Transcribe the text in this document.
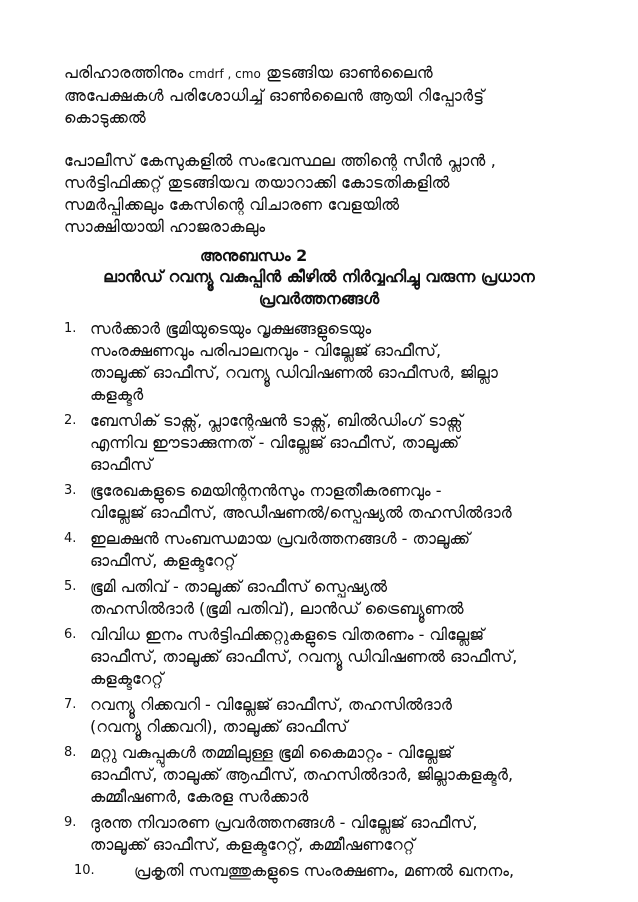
പരിഹാരത്തിനും cmdrf , cmo തുടങ്ങിയ ഓൺലൈൻ
അപേക്ഷകൾ പരിശോധിച്ച് ഓൺലൈൻ ആയി റിപ്പോർട്ട്
കൊടുക്കൽ
പോലീസ് കേസുകളിൽ സംഭവസ്ഥല ത്തിന്റെ സീൻ പ്ലാൻ ,
സർട്ടിഫിക്കറ്റ് തുടങ്ങിയവ തയാറാക്കി കോടതികളിൽ
സമർപ്പിക്കലും കേസിന്റെ വിചാരണ വേളയിൽ
സാക്ഷിയായി ഹാജരാകലും
അനുബന്ധം 2
ലാൻഡ് റവന്യൂ വകുപ്പിൻ കീഴിൽ നിർവ്വഹിച്ചു വരുന്ന പ്രധാന
പ്രവർത്തനങ്ങൾ
1. സർക്കാർ ഭൂമിയുടെയും വൃക്ഷങ്ങളുടെയും
സംരക്ഷണവും പരിപാലനവും - വില്ലേജ് ഓഫീസ്,
താലൂക്ക് ഓഫീസ്, റവന്യൂ ഡിവിഷണൽ ഓഫീസർ, ജില്ലാ
കളക്ടർ
2. ബേസിക് ടാക്സ്, പ്ലാന്റേഷൻ ടാക്സ്, ബിൽഡിംഗ് ടാക്സ്
എന്നിവ ഈടാക്കുന്നത് - വില്ലേജ് ഓഫീസ്, താലൂക്ക്
ഓഫീസ്
3. ഭൂരേഖകളുടെ മെയിന്റനൻസും നാളതീകരണവും -
വില്ലേജ് ഓഫീസ്, അഡീഷണൽ/സ്പെഷ്യൽ തഹസിൽദാർ
4. ഇലക്ഷൻ സംബന്ധമായ പ്രവർത്തനങ്ങൾ - താലൂക്ക്
ഓഫീസ്, കളക്ടറേറ്റ്
5. ഭൂമി പതിവ് - താലൂക്ക് ഓഫീസ് സ്പെഷ്യൽ
തഹസിൽദാർ (ഭൂമി പതിവ്), ലാൻഡ് ട്രൈബ്യൂണൽ
6. വിവിധ ഇനം സർട്ടിഫിക്കറ്റുകളുടെ വിതരണം - വില്ലേജ്
ഓഫീസ്, താലൂക്ക് ഓഫീസ്, റവന്യൂ ഡിവിഷണൽ ഓഫീസ്,
കളക്ടറേറ്റ്
7. റവന്യൂ റിക്കവറി - വില്ലേജ് ഓഫീസ്, തഹസിൽദാർ
(റവന്യൂ റിക്കവറി), താലൂക്ക് ഓഫീസ്
8. മറ്റു വകുപ്പുകൾ തമ്മിലുള്ള ഭൂമി കൈമാറ്റം - വില്ലേജ്
ഓഫീസ്, താലൂക്ക് ആഫീസ്, തഹസിൽദാർ, ജില്ലാകളക്ടർ,
കമ്മീഷണർ, കേരള സർക്കാർ
9. ദുരന്ത നിവാരണ പ്രവർത്തനങ്ങൾ - വില്ലേജ് ഓഫീസ്,
താലൂക്ക് ഓഫീസ്, കളക്ടറേറ്റ്, കമ്മീഷണറേറ്റ്
10. പ്രകൃതി സമ്പത്തുകളുടെ സംരക്ഷണം, മണൽ ഖനനം,
